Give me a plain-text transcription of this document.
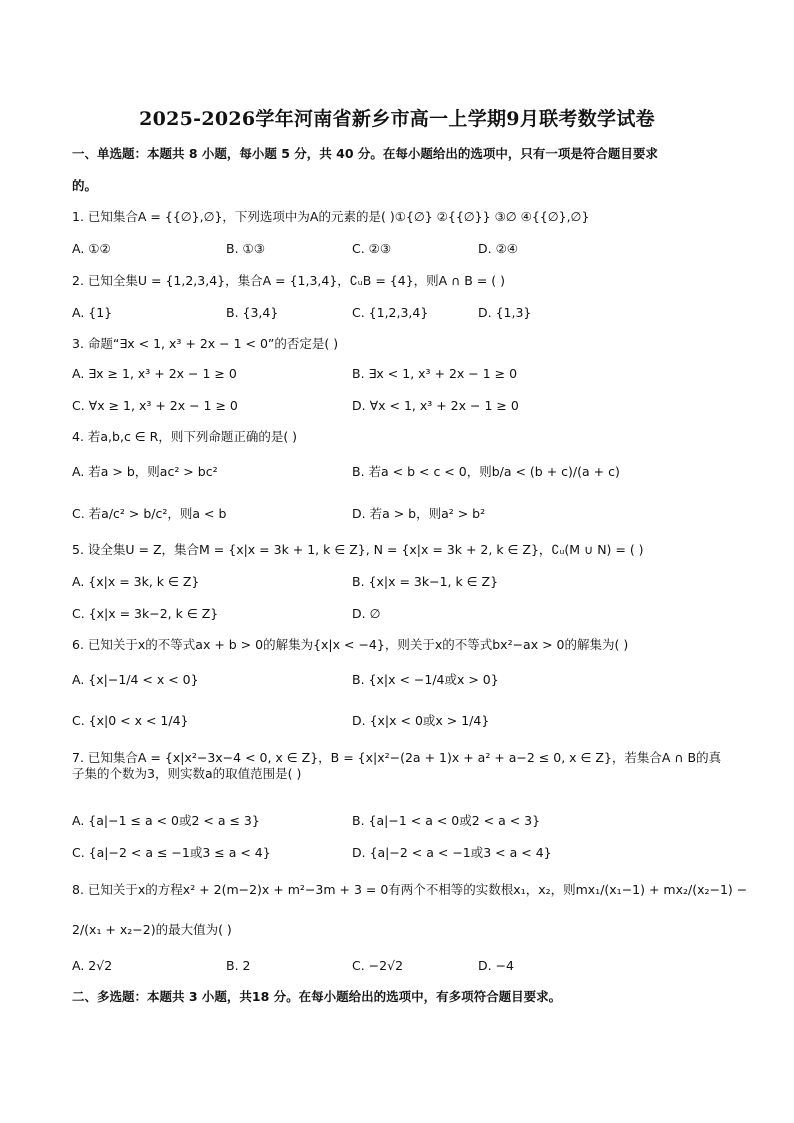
2025-2026学年河南省新乡市高一上学期9月联考数学试卷
一、单选题：本题共 8 小题，每小题 5 分，共 40 分。在每小题给出的选项中，只有一项是符合题目要求
的。
1. 已知集合A = {{∅},∅}，下列选项中为A的元素的是( )①{∅} ②{{∅}} ③∅ ④{{∅},∅}
A. ①②	B. ①③	C. ②③	D. ②④
2. 已知全集U = {1,2,3,4}，集合A = {1,3,4}，∁ᵤB = {4}，则A ∩ B = ( )
A. {1}	B. {3,4}	C. {1,2,3,4}	D. {1,3}
3. 命题“∃x < 1, x³ + 2x − 1 < 0”的否定是( )
A. ∃x ≥ 1, x³ + 2x − 1 ≥ 0	B. ∃x < 1, x³ + 2x − 1 ≥ 0
C. ∀x ≥ 1, x³ + 2x − 1 ≥ 0	D. ∀x < 1, x³ + 2x − 1 ≥ 0
4. 若a,b,c ∈ R，则下列命题正确的是( )
A. 若a > b，则ac² > bc²	B. 若a < b < c < 0，则b/a < (b + c)/(a + c)
C. 若a/c² > b/c²，则a < b	D. 若a > b，则a² > b²
5. 设全集U = Z，集合M = {x|x = 3k + 1, k ∈ Z}, N = {x|x = 3k + 2, k ∈ Z}，∁ᵤ(M ∪ N) = ( )
A. {x|x = 3k, k ∈ Z}	B. {x|x = 3k−1, k ∈ Z}
C. {x|x = 3k−2, k ∈ Z}	D. ∅
6. 已知关于x的不等式ax + b > 0的解集为{x|x < −4}，则关于x的不等式bx²−ax > 0的解集为( )
A. {x|−1/4 < x < 0}	B. {x|x < −1/4或x > 0}
C. {x|0 < x < 1/4}	D. {x|x < 0或x > 1/4}
7. 已知集合A = {x|x²−3x−4 < 0, x ∈ Z}，B = {x|x²−(2a + 1)x + a² + a−2 ≤ 0, x ∈ Z}，若集合A ∩ B的真子集的个数为3，则实数a的取值范围是( )
A. {a|−1 ≤ a < 0或2 < a ≤ 3}	B. {a|−1 < a < 0或2 < a < 3}
C. {a|−2 < a ≤ −1或3 ≤ a < 4}	D. {a|−2 < a < −1或3 < a < 4}
8. 已知关于x的方程x² + 2(m−2)x + m²−3m + 3 = 0有两个不相等的实数根x₁，x₂，则mx₁/(x₁−1) + mx₂/(x₂−1) −
2/(x₁ + x₂−2)的最大值为( )
A. 2√2	B. 2	C. −2√2	D. −4
二、多选题：本题共 3 小题，共18 分。在每小题给出的选项中，有多项符合题目要求。
